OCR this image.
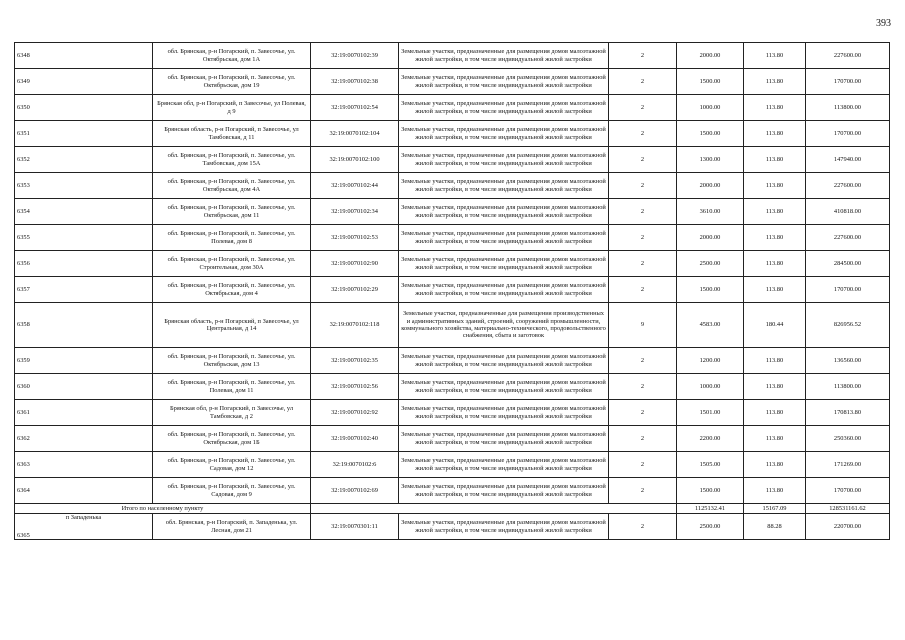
393
6348	обл. Брянская, р-н Погарский, п. Завесочье, ул. Октябрьская, дом 1А	32:19:0070102:39	Земельные участки, предназначенные для размещения домов малоэтажной жилой застройки, в том числе индивидуальной жилой застройки	2	2000.00	113.80	227600.00
6349	обл. Брянская, р-н Погарский, п. Завесочье, ул. Октябрьская, дом 19	32:19:0070102:38	Земельные участки, предназначенные для размещения домов малоэтажной жилой застройки, в том числе индивидуальной жилой застройки	2	1500.00	113.80	170700.00
6350	Брянская обл, р-н Погарский, п Завесочье, ул Полевая, д 9	32:19:0070102:54	Земельные участки, предназначенные для размещения домов малоэтажной жилой застройки, в том числе индивидуальной жилой застройки	2	1000.00	113.80	113800.00
6351	Брянская область, р-н Погарский, п Завесочье, ул Тамбовская, д 11	32:19:0070102:104	Земельные участки, предназначенные для размещения домов малоэтажной жилой застройки, в том числе индивидуальной жилой застройки	2	1500.00	113.80	170700.00
6352	обл. Брянская, р-н Погарский, п. Завесочье, ул. Тамбовская, дом 15А	32:19:0070102:100	Земельные участки, предназначенные для размещения домов малоэтажной жилой застройки, в том числе индивидуальной жилой застройки	2	1300.00	113.80	147940.00
6353	обл. Брянская, р-н Погарский, п. Завесочье, ул. Октябрьская, дом 4А	32:19:0070102:44	Земельные участки, предназначенные для размещения домов малоэтажной жилой застройки, в том числе индивидуальной жилой застройки	2	2000.00	113.80	227600.00
6354	обл. Брянская, р-н Погарский, п. Завесочье, ул. Октябрьская, дом 11	32:19:0070102:34	Земельные участки, предназначенные для размещения домов малоэтажной жилой застройки, в том числе индивидуальной жилой застройки	2	3610.00	113.80	410818.00
6355	обл. Брянская, р-н Погарский, п. Завесочье, ул. Полевая, дом 8	32:19:0070102:53	Земельные участки, предназначенные для размещения домов малоэтажной жилой застройки, в том числе индивидуальной жилой застройки	2	2000.00	113.80	227600.00
6356	обл. Брянская, р-н Погарский, п. Завесочье, ул. Строительная, дом 30А	32:19:0070102:90	Земельные участки, предназначенные для размещения домов малоэтажной жилой застройки, в том числе индивидуальной жилой застройки	2	2500.00	113.80	284500.00
6357	обл. Брянская, р-н Погарский, п. Завесочье, ул. Октябрьская, дом 4	32:19:0070102:29	Земельные участки, предназначенные для размещения домов малоэтажной жилой застройки, в том числе индивидуальной жилой застройки	2	1500.00	113.80	170700.00
6358	Брянская область, р-н Погарский, п Завесочье, ул Центральная, д 14	32:19:0070102:118	Земельные участки, предназначенные для размещения производственных и административных зданий, строений, сооружений промышленности, коммунального хозяйства, материально-технического, продовольственного снабжения, сбыта и заготовок	9	4583.00	180.44	826956.52
6359	обл. Брянская, р-н Погарский, п. Завесочье, ул. Октябрьская, дом 13	32:19:0070102:35	Земельные участки, предназначенные для размещения домов малоэтажной жилой застройки, в том числе индивидуальной жилой застройки	2	1200.00	113.80	136560.00
6360	обл. Брянская, р-н Погарский, п. Завесочье, ул. Полевая, дом 11	32:19:0070102:56	Земельные участки, предназначенные для размещения домов малоэтажной жилой застройки, в том числе индивидуальной жилой застройки	2	1000.00	113.80	113800.00
6361	Брянская обл, р-н Погарский, п Завесочье, ул Тамбовская, д 2	32:19:0070102:92	Земельные участки, предназначенные для размещения домов малоэтажной жилой застройки, в том числе индивидуальной жилой застройки	2	1501.00	113.80	170813.80
6362	обл. Брянская, р-н Погарский, п. Завесочье, ул. Октябрьская, дом 1Б	32:19:0070102:40	Земельные участки, предназначенные для размещения домов малоэтажной жилой застройки, в том числе индивидуальной жилой застройки	2	2200.00	113.80	250360.00
6363	обл. Брянская, р-н Погарский, п. Завесочье, ул. Садовая, дом 12	32:19:0070102:6	Земельные участки, предназначенные для размещения домов малоэтажной жилой застройки, в том числе индивидуальной жилой застройки	2	1505.00	113.80	171269.00
6364	обл. Брянская, р-н Погарский, п. Завесочье, ул. Садовая, дом 9	32:19:0070102:69	Земельные участки, предназначенные для размещения домов малоэтажной жилой застройки, в том числе индивидуальной жилой застройки	2	1500.00	113.80	170700.00
Итого по населенному пункту					1125132.41	15167.09	128531161.62

п Западенька
6365	обл. Брянская, р-н Погарский, п. Западенька, ул. Лесная, дом 21	32:19:0070301:11	Земельные участки, предназначенные для размещения домов малоэтажной жилой застройки, в том числе индивидуальной жилой застройки	2	2500.00	88.28	220700.00
